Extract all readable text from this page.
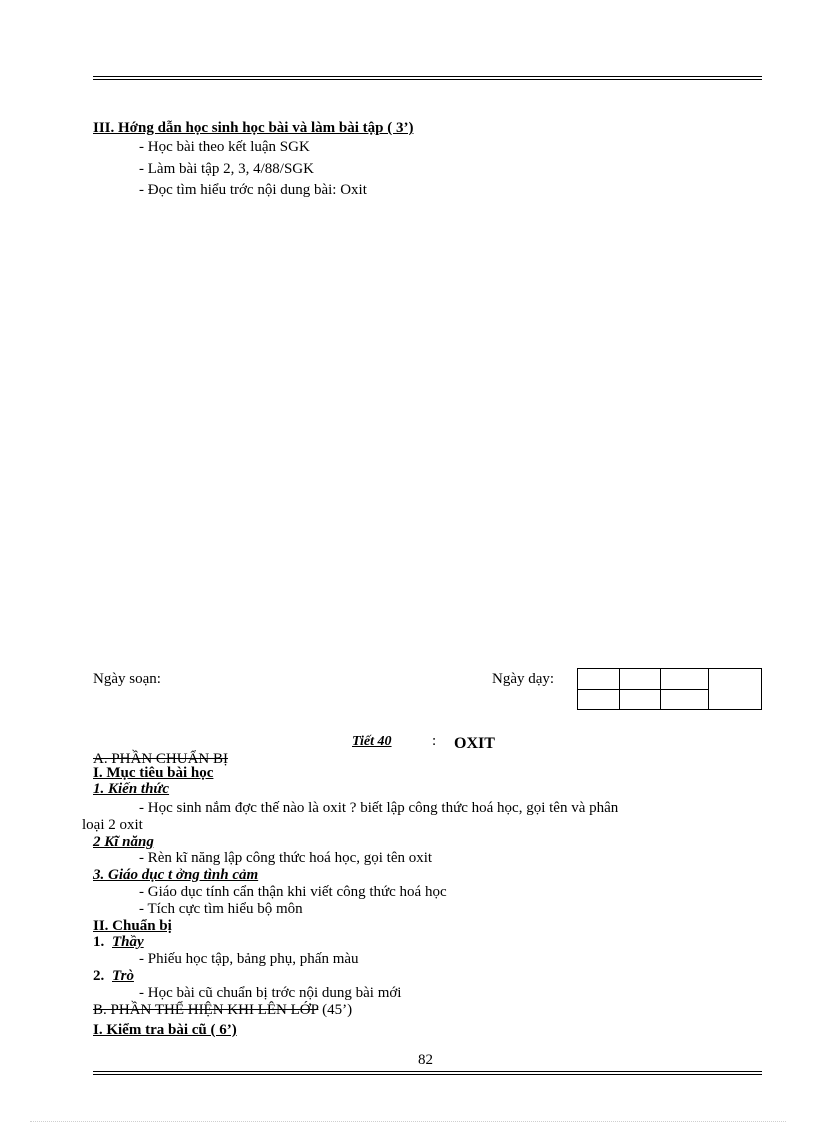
III. Hớng dẫn học sinh học bài và làm bài tập ( 3’)
- Học bài theo kết luận SGK
- Làm bài tập 2, 3, 4/88/SGK
- Đọc tìm hiểu trớc nội dung bài: Oxit
Ngày soạn:	Ngày dạy:
Tiết 40	: OXIT
A. PHẦN CHUẨN BỊ
I. Mục tiêu bài học
1. Kiến thức
- Học sinh nắm đợc thế nào là oxit ? biết lập công thức hoá học, gọi tên và phân
loại 2 oxit
2 Kĩ năng
- Rèn kĩ năng lập công thức hoá học, gọi tên oxit
3. Giáo dục t ởng tình cảm
- Giáo dục tính cẩn thận khi viết công thức hoá học
- Tích cực tìm hiểu bộ môn
II. Chuẩn bị
1. Thầy
- Phiếu học tập, bảng phụ, phấn màu
2. Trò
- Học bài cũ chuẩn bị trớc nội dung bài mới
B. PHẦN THỂ HIỆN KHI LÊN LỚP (45’)
I. Kiểm tra bài cũ ( 6’)
82
